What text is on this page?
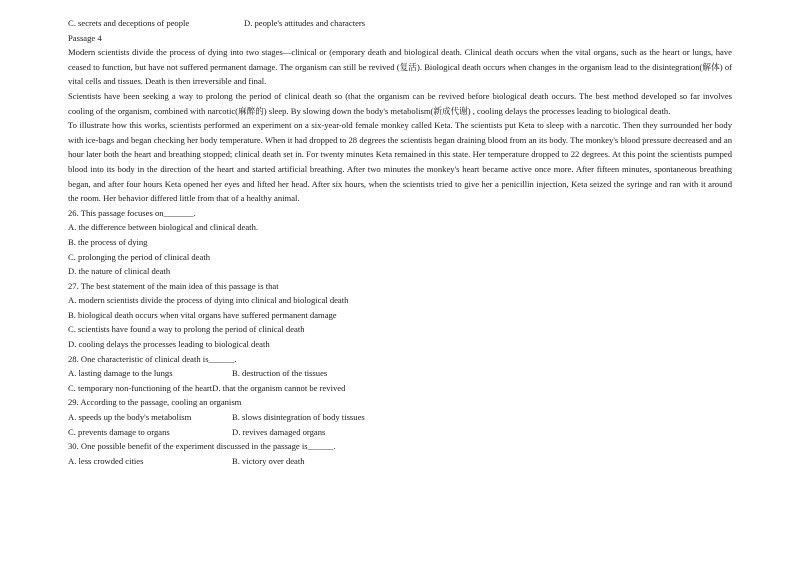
C. secrets and deceptions of people	D. people's attitudes and characters
Passage 4

Modern scientists divide the process of dying into two stages—clinical or (emporary death and biological death. Clinical death occurs when the vital organs, such as the heart or lungs, have ceased to function, but have not suffered permanent damage. The organism can still be revived (复活). Biological death occurs when changes in the organism lead to the disintegration(解体) of vital cells and tissues. Death is then irreversible and final.

Scientists have been seeking a way to prolong the period of clinical death so (that the organism can be revived before biological death occurs. The best method developed so far involves cooling of the organism, combined with narcotic(麻醉的) sleep. By slowing down the body's metabolism(新成代谢) , cooling delays the processes leading to biological death.

To illustrate how this works, scientists performed an experiment on a six-year-old female monkey called Keta. The scientists put Keta to sleep with a narcotic. Then they surrounded her body with ice-bags and began checking her body temperature. When it had dropped to 28 degrees the scientists began draining blood from an its body. The monkey's blood pressure decreased and an hour later both the heart and breathing stopped; clinical death set in. For twenty minutes Keta remained in this state. Her temperature dropped to 22 degrees. At this point the scientists pumped blood into its body in the direction of the heart and started artificial breathing. After two minutes the monkey's heart became active once more. After fifteen minutes, spontaneous breathing began, and after four hours Keta opened her eyes and lifted her head. After six hours, when the scientists tried to give her a penicillin injection, Keta seized the syringe and ran with it around the room. Her behavior differed little from that of a healthy animal.

26. This passage focuses on_______.
A. the difference between biological and clinical death.
B. the process of dying
C. prolonging the period of clinical death
D. the nature of clinical death
27. The best statement of the main idea of this passage is that
A. modern scientists divide the process of dying into clinical and biological death
B. biological death occurs when vital organs have suffered permanent damage
C. scientists have found a way to prolong the period of clinical death
D. cooling delays the processes leading to biological death
28. One characteristic of clinical death is______.
A. lasting damage to the lungs	B. destruction of the tissues
C. temporary non-functioning of the heart D. that the organism cannot be revived
29. According to the passage, cooling an organism
A. speeds up the body's metabolism	B. slows disintegration of body tissues
C. prevents damage to organs	D. revives damaged organs
30. One possible benefit of the experiment discussed in the passage is______.
A. less crowded cities	B. victory over death
